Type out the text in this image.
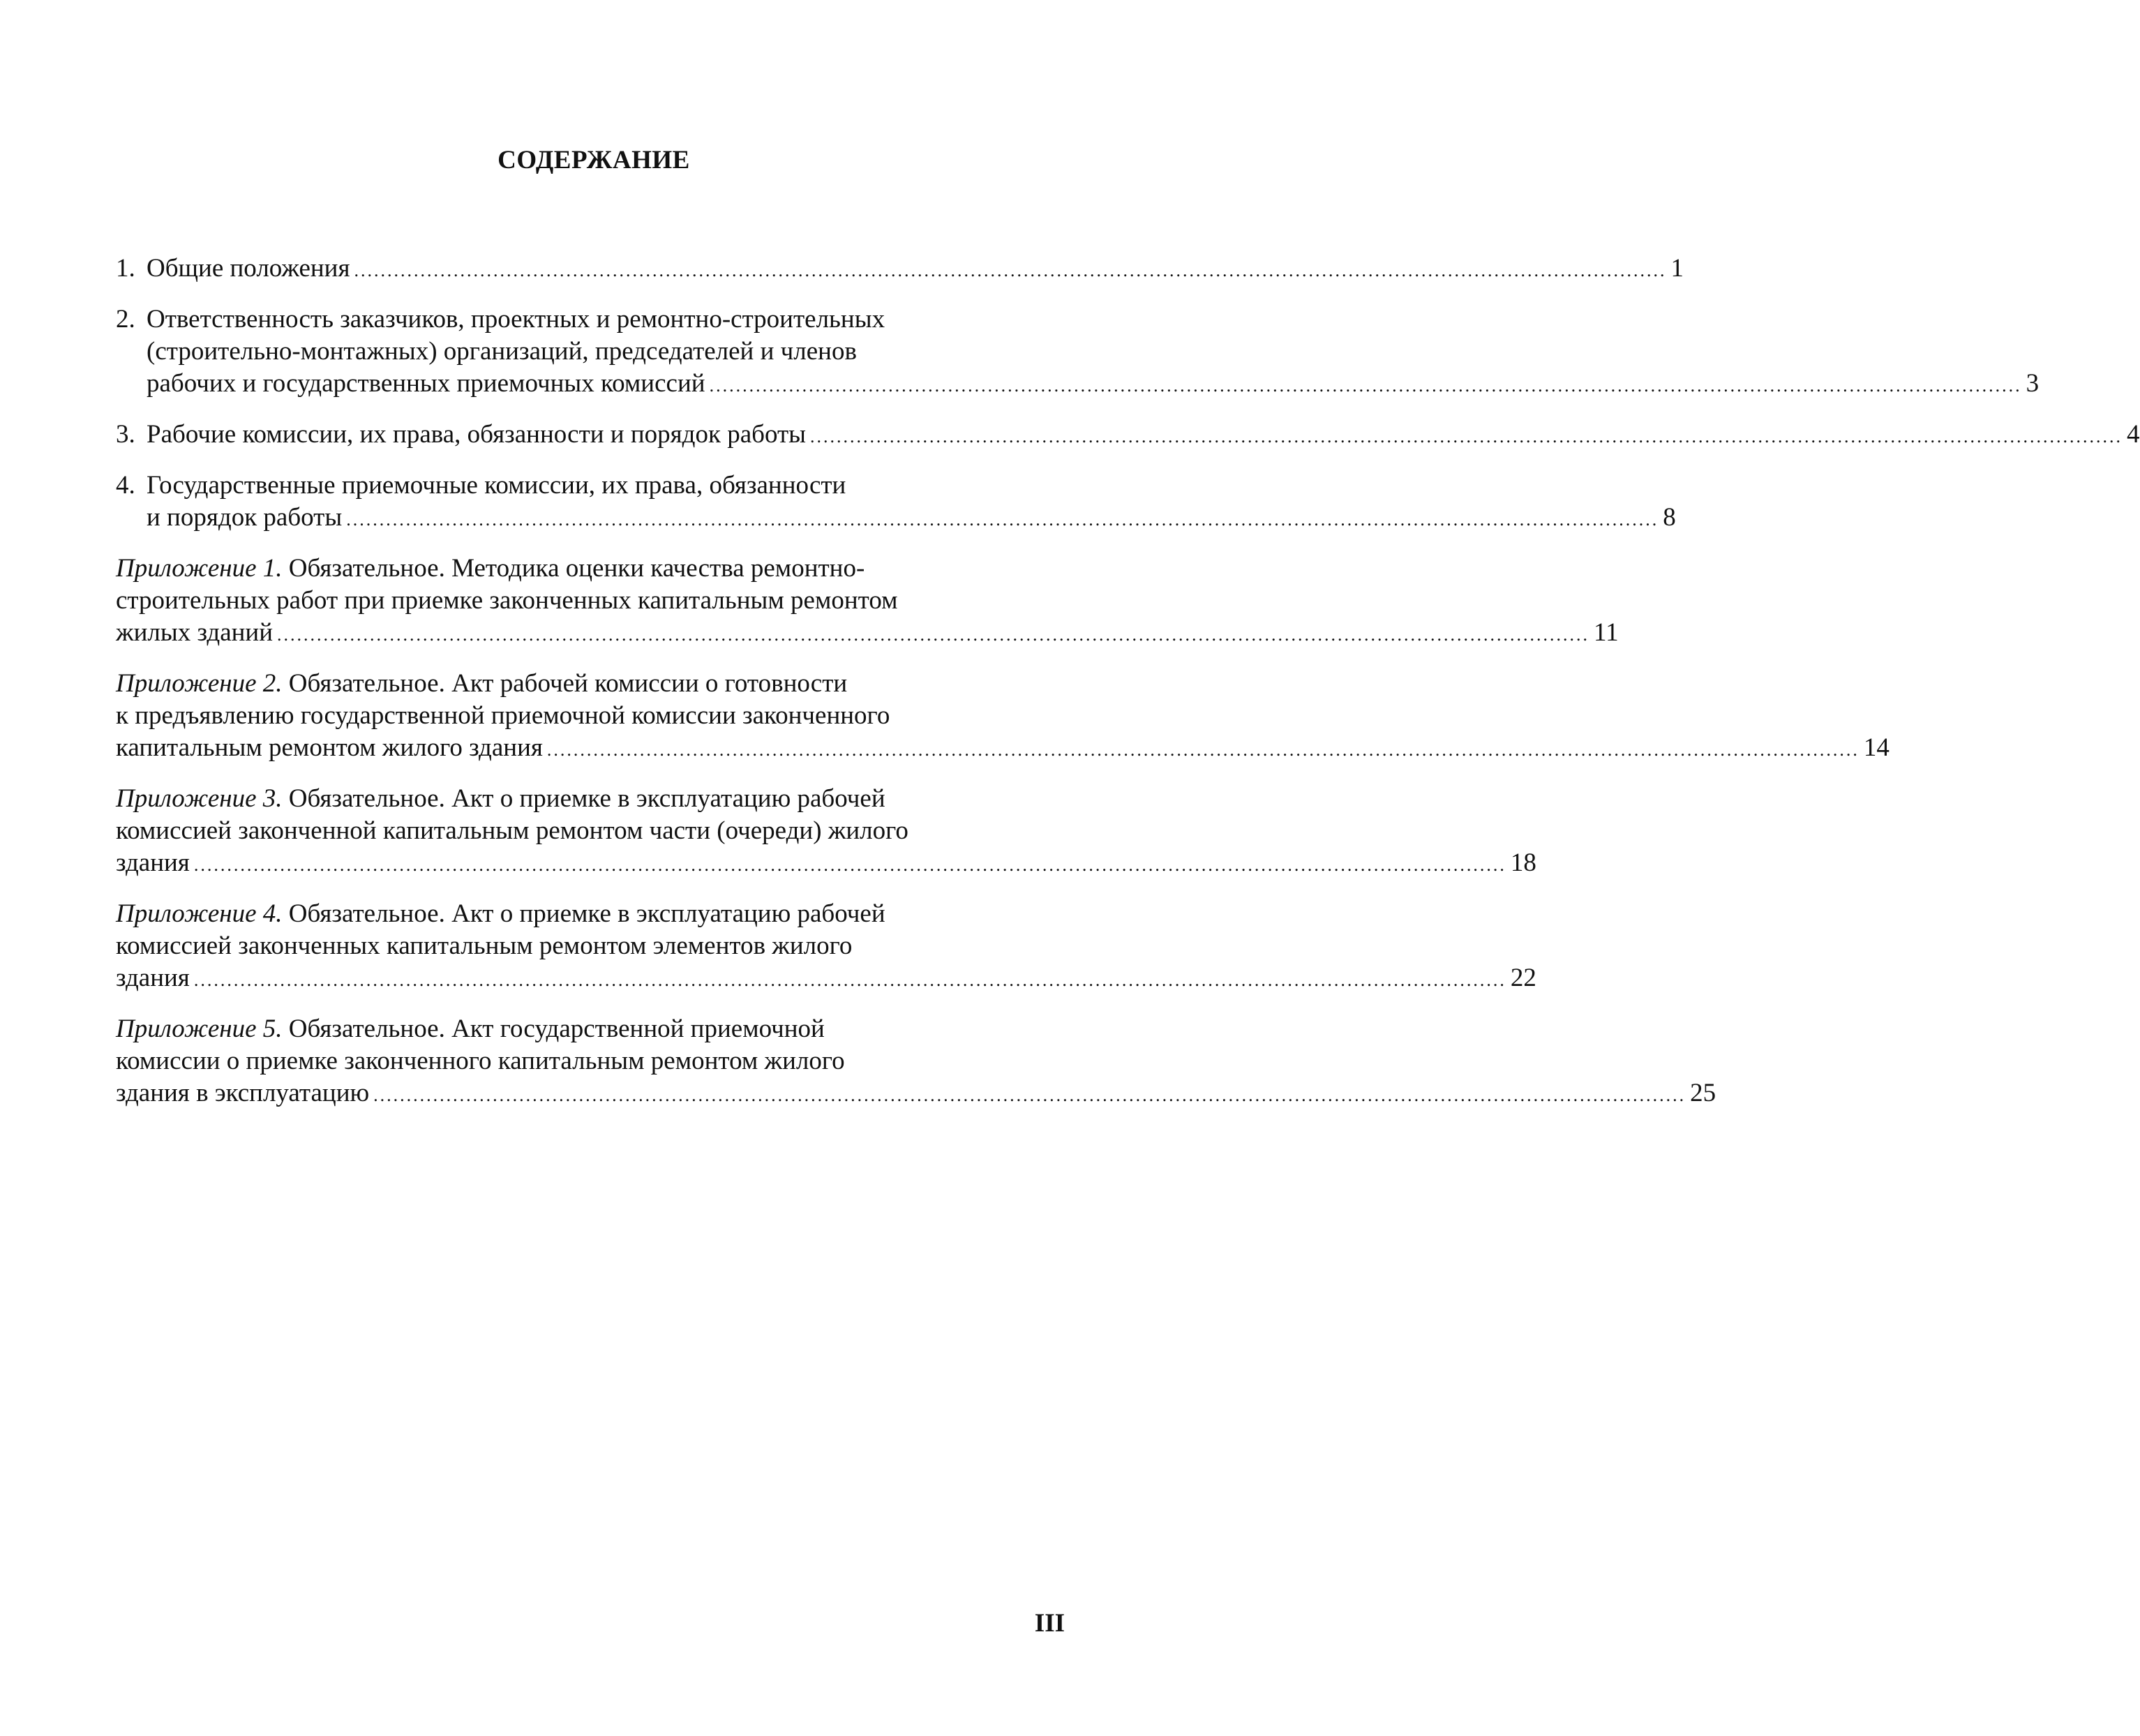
СОДЕРЖАНИЕ
1. Общие положения ...................................................................................................................................................................................................... 1
2. Ответственность заказчиков, проектных и ремонтно-строительных
(строительно-монтажных) организаций, председателей и членов
рабочих и государственных приемочных комиссий ...................................................................................................................................................................................................... 3
3. Рабочие комиссии, их права, обязанности и порядок работы ...................................................................................................................................................................................................... 4
4. Государственные приемочные комиссии, их права, обязанности
и порядок работы ...................................................................................................................................................................................................... 8
Приложение 1. Обязательное. Методика оценки качества ремонтно-
строительных работ при приемке законченных капитальным ремонтом
жилых зданий ...................................................................................................................................................................................................... 11
Приложение 2. Обязательное. Акт рабочей комиссии о готовности
к предъявлению государственной приемочной комиссии законченного
капитальным ремонтом жилого здания ...................................................................................................................................................................................................... 14
Приложение 3. Обязательное. Акт о приемке в эксплуатацию рабочей
комиссией законченной капитальным ремонтом части (очереди) жилого
здания ...................................................................................................................................................................................................... 18
Приложение 4. Обязательное. Акт о приемке в эксплуатацию рабочей
комиссией законченных капитальным ремонтом элементов жилого
здания ...................................................................................................................................................................................................... 22
Приложение 5. Обязательное. Акт государственной приемочной
комиссии о приемке законченного капитальным ремонтом жилого
здания в эксплуатацию ...................................................................................................................................................................................................... 25
III
